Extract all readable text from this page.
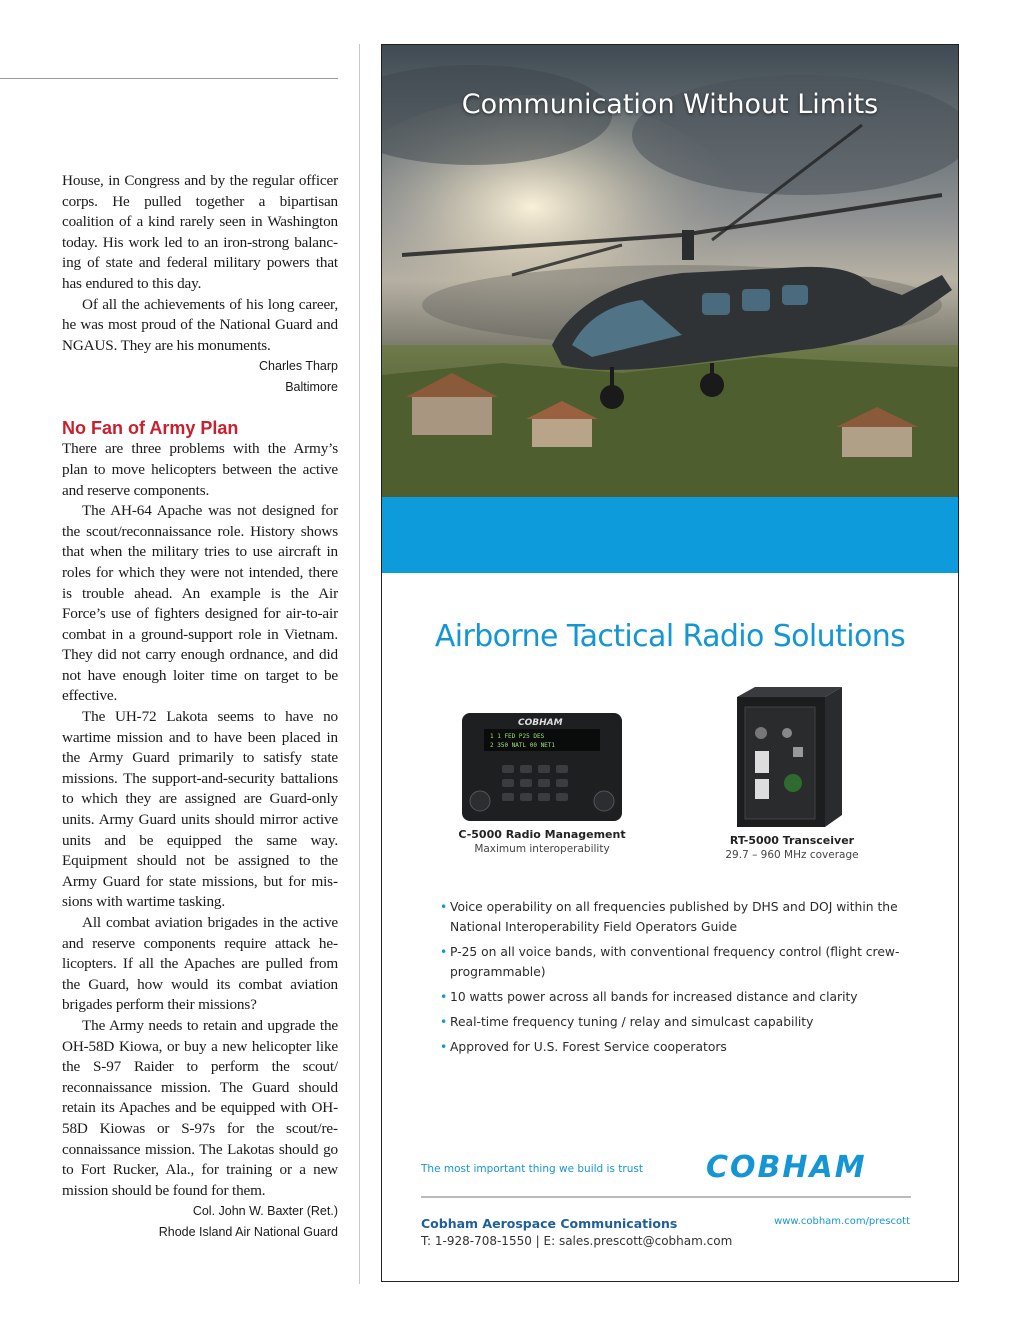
House, in Congress and by the regular officer corps. He pulled together a bipartisan coalition of a kind rarely seen in Washington today. His work led to an iron-strong balancing of state and federal military powers that has endured to this day.

Of all the achievements of his long career, he was most proud of the National Guard and NGAUS. They are his monuments.

Charles Tharp
Baltimore
No Fan of Army Plan

There are three problems with the Army’s plan to move helicopters between the active and reserve components.

The AH-64 Apache was not designed for the scout/reconnaissance role. History shows that when the military tries to use aircraft in roles for which they were not intended, there is trouble ahead. An example is the Air Force’s use of fighters designed for air-to-air combat in a ground-support role in Vietnam. They did not carry enough ordnance, and did not have enough loiter time on target to be effective.

The UH-72 Lakota seems to have no wartime mission and to have been placed in the Army Guard primarily to satisfy state missions. The support-and-security battalions to which they are assigned are Guard-only units. Army Guard units should mirror active units and be equipped the same way. Equipment should not be assigned to the Army Guard for state missions, but for missions with wartime tasking.

All combat aviation brigades in the active and reserve components require attack helicopters. If all the Apaches are pulled from the Guard, how would its combat aviation brigades perform their missions?

The Army needs to retain and upgrade the OH-58D Kiowa, or buy a new helicopter like the S-97 Raider to perform the scout/ reconnaissance mission. The Guard should retain its Apaches and be equipped with OH-58D Kiowas or S-97s for the scout/reconnaissance mission. The Lakotas should go to Fort Rucker, Ala., for training or a new mission should be found for them.

Col. John W. Baxter (Ret.)
Rhode Island Air National Guard
Communication Without Limits
Airborne Tactical Radio Solutions
COBHAM
1 1 FED P25 DES
2 350 NATL 00 NET1
C-5000 Radio Management
Maximum interoperability
RT-5000 Transceiver
29.7 – 960 MHz coverage
• Voice operability on all frequencies published by DHS and DOJ within the National Interoperability Field Operators Guide
• P-25 on all voice bands, with conventional frequency control (flight crew-programmable)
• 10 watts power across all bands for increased distance and clarity
• Real-time frequency tuning / relay and simulcast capability
• Approved for U.S. Forest Service cooperators
The most important thing we build is trust COBHAM
Cobham Aerospace Communications
T: 1-928-708-1550 | E: sales.prescott@cobham.com
www.cobham.com/prescott
